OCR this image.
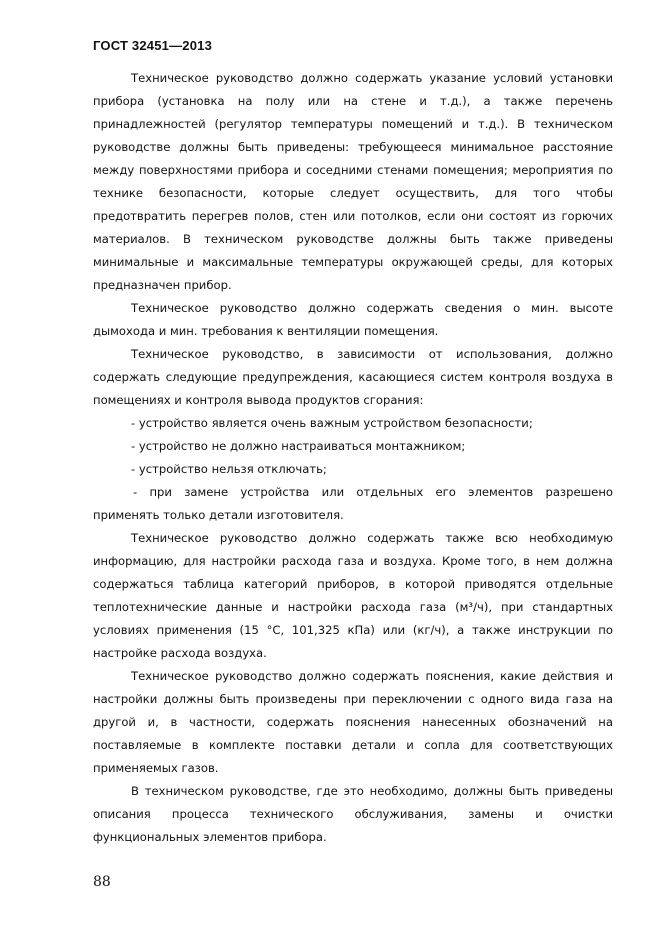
ГОСТ 32451—2013

Техническое руководство должно содержать указание условий установки прибора (установка на полу или на стене и т.д.), а также перечень принадлежностей (регулятор температуры помещений и т.д.). В техническом руководстве должны быть приведены: требующееся минимальное расстояние между поверхностями прибора и соседними стенами помещения; мероприятия по технике безопасности, которые следует осуществить, для того чтобы предотвратить перегрев полов, стен или потолков, если они состоят из горючих материалов. В техническом руководстве должны быть также приведены минимальные и максимальные температуры окружающей среды, для которых предназначен прибор.

Техническое руководство должно содержать сведения о мин. высоте дымохода и мин. требования к вентиляции помещения.

Техническое руководство, в зависимости от использования, должно содержать следующие предупреждения, касающиеся систем контроля воздуха в помещениях и контроля вывода продуктов сгорания:

- устройство является очень важным устройством безопасности;

- устройство не должно настраиваться монтажником;

- устройство нельзя отключать;

- при замене устройства или отдельных его элементов разрешено применять только детали изготовителя.

Техническое руководство должно содержать также всю необходимую информацию, для настройки расхода газа и воздуха. Кроме того, в нем должна содержаться таблица категорий приборов, в которой приводятся отдельные теплотехнические данные и настройки расхода газа (м³/ч), при стандартных условиях применения (15 °С, 101,325 кПа) или (кг/ч), а также инструкции по настройке расхода воздуха.

Техническое руководство должно содержать пояснения, какие действия и настройки должны быть произведены при переключении с одного вида газа на другой и, в частности, содержать пояснения нанесенных обозначений на поставляемые в комплекте поставки детали и сопла для соответствующих применяемых газов.

В техническом руководстве, где это необходимо, должны быть приведены описания процесса технического обслуживания, замены и очистки функциональных элементов прибора.

88
